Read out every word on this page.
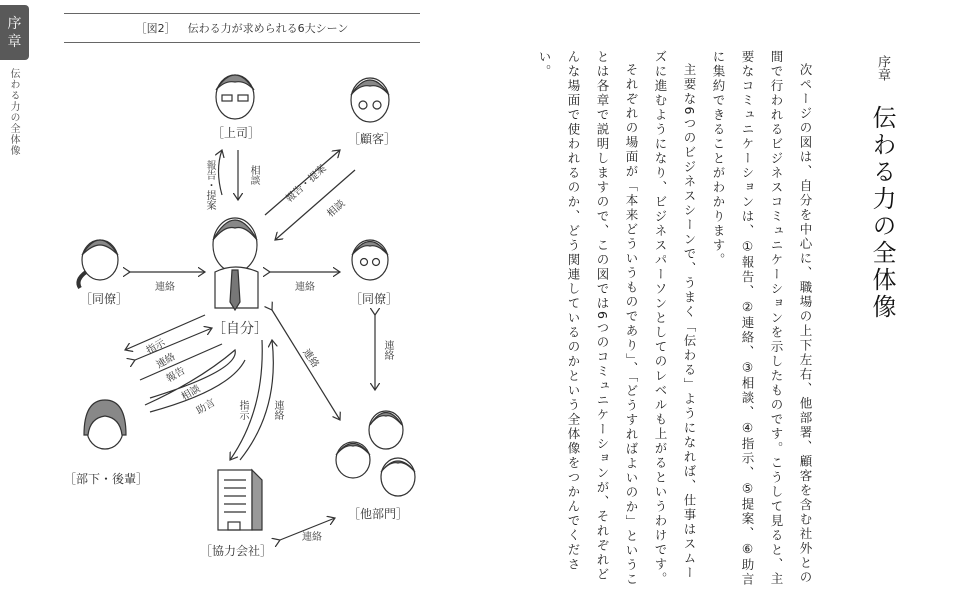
序
章
伝わる力の全体像
［図2］ 伝わる力が求められる6大シーン
［上司］	［顧客］
［同僚］	［同僚］
［自分］
［部下・後輩］
［協力会社］
［他部門］
報告・提案	相談	報告・提案
相談
連絡	連絡
連絡
指示
連絡
報告
相談
助言 指示 連絡
連絡
連絡
序章
伝わる力の全体像

次ページの図は、自分を中心に、職場の上下左右、他部署、顧客を含む社外との間で行われるビジネスコミュニケーションを示したものです。こうして見ると、主要なコミュニケーションは、①報告、②連絡、③相談、④指示、⑤提案、⑥助言に集約できることがわかります。

主要な6つのビジネスシーンで、うまく「伝わる」ようになれば、仕事はスムーズに進むようになり、ビジネスパーソンとしてのレベルも上がるというわけです。

それぞれの場面が「本来どういうものであり」、「どうすればよいのか」ということは各章で説明しますので、この図では6つのコミュニケーションが、それぞれどんな場面で使われるのか、どう関連しているのかという全体像をつかんでください。
